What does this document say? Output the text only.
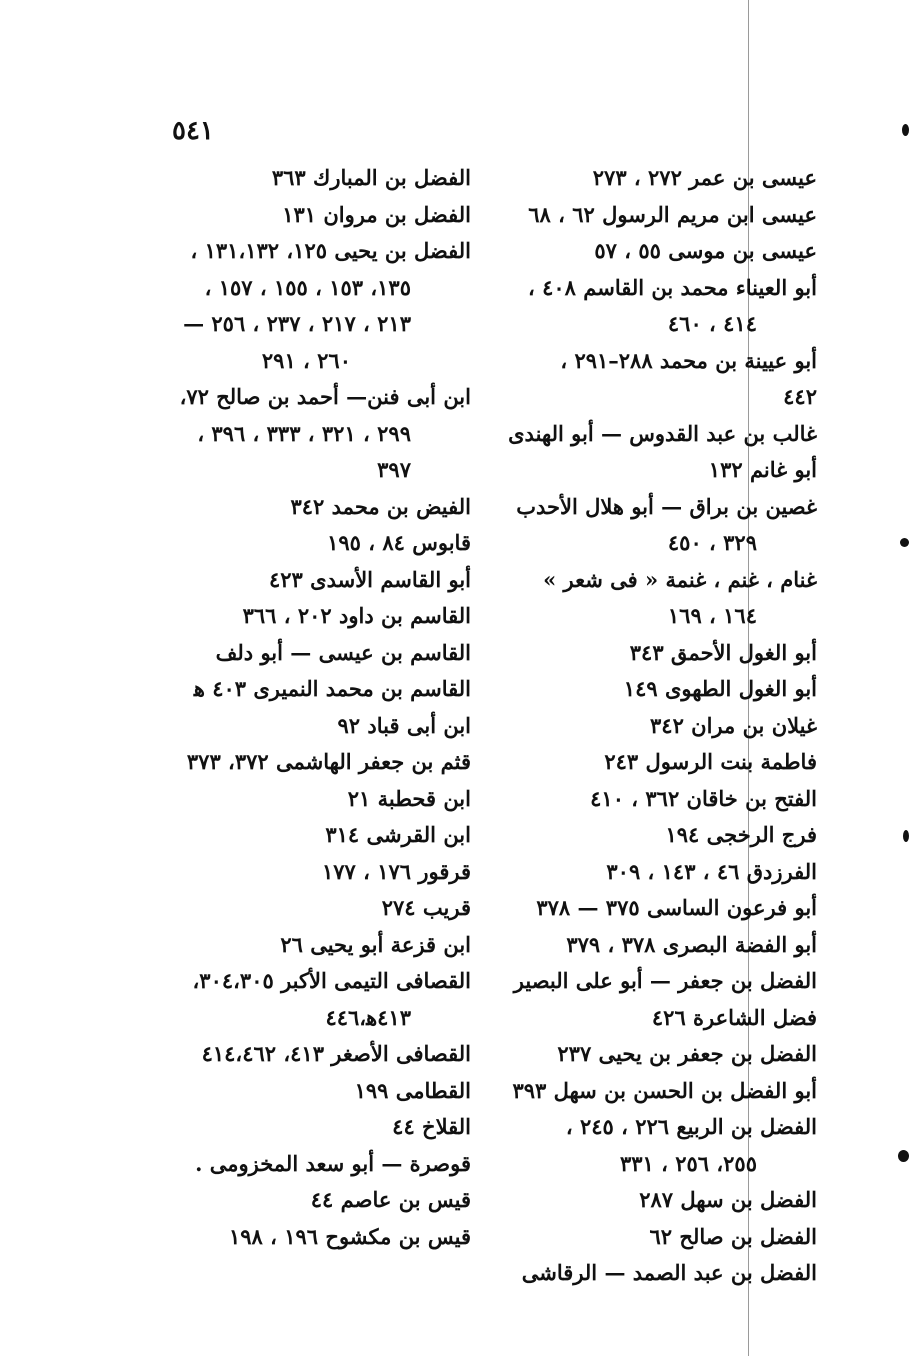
٥٤١
عيسى بن عمر ٢٧٢ ، ٢٧٣
عيسى ابن مريم الرسول ٦٢ ، ٦٨
عيسى بن موسى ٥٥ ، ٥٧
أبو العيناء محمد بن القاسم ٤٠٨ ،
٤١٤ ، ٤٦٠
أبو عيينة بن محمد ٢٨٨–٢٩١ ،
٤٤٢
غالب بن عبد القدوس — أبو الهندى
أبو غانم ١٣٢
غصين بن براق — أبو هلال الأحدب
٣٢٩ ، ٤٥٠
غنام ، غنم ، غنمة « فى شعر »
١٦٤ ، ١٦٩
أبو الغول الأحمق ٣٤٣
أبو الغول الطهوى ١٤٩
غيلان بن مران ٣٤٢
فاطمة بنت الرسول ٢٤٣
الفتح بن خاقان ٣٦٢ ، ٤١٠
فرج الرخجى ١٩٤
الفرزدق ٤٦ ، ١٤٣ ، ٣٠٩
أبو فرعون الساسى ٣٧٥ — ٣٧٨
أبو الفضة البصرى ٣٧٨ ، ٣٧٩
الفضل بن جعفر — أبو على البصير
فضل الشاعرة ٤٢٦
الفضل بن جعفر بن يحيى ٢٣٧
أبو الفضل بن الحسن بن سهل ٣٩٣
الفضل بن الربيع ٢٢٦ ، ٢٤٥ ،
٢٥٥، ٢٥٦ ، ٣٣١
الفضل بن سهل ٢٨٧
الفضل بن صالح ٦٢
الفضل بن عبد الصمد — الرقاشى
الفضل بن المبارك ٣٦٣
الفضل بن مروان ١٣١
الفضل بن يحيى ١٢٥، ١٣١،١٣٢ ،
١٣٥، ١٥٣ ، ١٥٥ ، ١٥٧ ،
٢١٣ ، ٢١٧ ، ٢٣٧ ، ٢٥٦ —
٢٦٠ ، ٢٩١
ابن أبى فنن— أحمد بن صالح ٧٢،
٢٩٩ ، ٣٢١ ، ٣٣٣ ، ٣٩٦ ،
٣٩٧
الفيض بن محمد ٣٤٢
قابوس ٨٤ ، ١٩٥
أبو القاسم الأسدى ٤٢٣
القاسم بن داود ٢٠٢ ، ٣٦٦
القاسم بن عيسى — أبو دلف
القاسم بن محمد النميرى ٤٠٣ ﻫ
ابن أبى قباد ٩٢
قثم بن جعفر الهاشمى ٣٧٢، ٣٧٣
ابن قحطبة ٢١
ابن القرشى ٣١٤
قرقور ١٧٦ ، ١٧٧
قريب ٢٧٤
ابن قزعة أبو يحيى ٢٦
القصافى التيمى الأكبر ٣٠٤،٣٠٥،
٤١٣ﻫ،٤٤٦
القصافى الأصغر ٤١٣، ٤١٤،٤٦٢
القطامى ١٩٩
القلاخ ٤٤
قوصرة — أبو سعد المخزومى .
قيس بن عاصم ٤٤
قيس بن مكشوح ١٩٦ ، ١٩٨
